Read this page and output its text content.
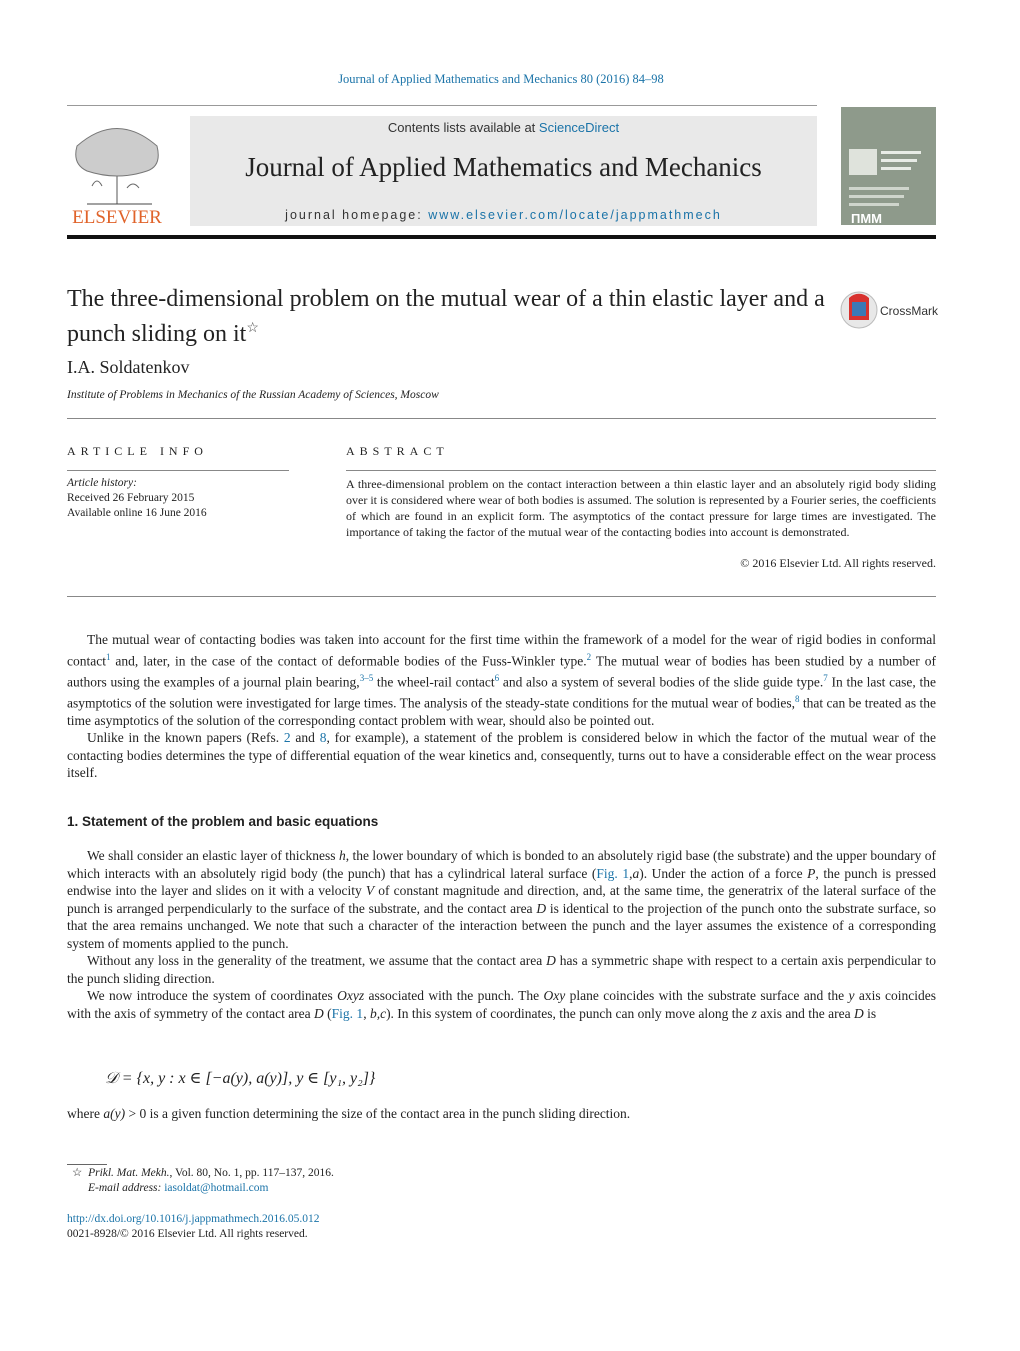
Journal of Applied Mathematics and Mechanics 80 (2016) 84–98
ELSEVIER
Contents lists available at ScienceDirect
Journal of Applied Mathematics and Mechanics
journal homepage: www.elsevier.com/locate/jappmathmech	ПММ
The three-dimensional problem on the mutual wear of a thin elastic layer and a punch sliding on it☆
CrossMark
I.A. Soldatenkov
Institute of Problems in Mechanics of the Russian Academy of Sciences, Moscow
ARTICLE INFO
Article history:
Received 26 February 2015
Available online 16 June 2016
ABSTRACT
A three-dimensional problem on the contact interaction between a thin elastic layer and an absolutely rigid body sliding over it is considered where wear of both bodies is assumed. The solution is represented by a Fourier series, the coefficients of which are found in an explicit form. The asymptotics of the contact pressure for large times are investigated. The importance of taking the factor of the mutual wear of the contacting bodies into account is demonstrated.
© 2016 Elsevier Ltd. All rights reserved.

The mutual wear of contacting bodies was taken into account for the first time within the framework of a model for the wear of rigid bodies in conformal contact$^1$ and, later, in the case of the contact of deformable bodies of the Fuss-Winkler type.$^2$ The mutual wear of bodies has been studied by a number of authors using the examples of a journal plain bearing,$^{3-5}$ the wheel-rail contact$^6$ and also a system of several bodies of the slide guide type.$^7$ In the last case, the asymptotics of the solution were investigated for large times. The analysis of the steady-state conditions for the mutual wear of bodies,$^8$ that can be treated as the time asymptotics of the solution of the corresponding contact problem with wear, should also be pointed out.

Unlike in the known papers (Refs. 2 and 8, for example), a statement of the problem is considered below in which the factor of the mutual wear of the contacting bodies determines the type of differential equation of the wear kinetics and, consequently, turns out to have a considerable effect on the wear process itself.

1. Statement of the problem and basic equations

We shall consider an elastic layer of thickness h, the lower boundary of which is bonded to an absolutely rigid base (the substrate) and the upper boundary of which interacts with an absolutely rigid body (the punch) that has a cylindrical lateral surface (Fig. 1,a). Under the action of a force P, the punch is pressed endwise into the layer and slides on it with a velocity V of constant magnitude and direction, and, at the same time, the generatrix of the lateral surface of the punch is arranged perpendicularly to the surface of the substrate, and the contact area D is identical to the projection of the punch onto the substrate surface, so that the area remains unchanged. We note that such a character of the interaction between the punch and the layer assumes the existence of a corresponding system of moments applied to the punch.

Without any loss in the generality of the treatment, we assume that the contact area D has a symmetric shape with respect to a certain axis perpendicular to the punch sliding direction.

We now introduce the system of coordinates Oxyz associated with the punch. The Oxy plane coincides with the substrate surface and the y axis coincides with the axis of symmetry of the contact area D (Fig. 1, b,c). In this system of coordinates, the punch can only move along the z axis and the area D is

𝒟 = {x, y : x ∈ [−a(y), a(y)], y ∈ [y₁, y₂]}
where a(y) > 0 is a given function determining the size of the contact area in the punch sliding direction.
☆ Prikl. Mat. Mekh., Vol. 80, No. 1, pp. 117–137, 2016.
E-mail address: iasoldat@hotmail.com
http://dx.doi.org/10.1016/j.jappmathmech.2016.05.012
0021-8928/© 2016 Elsevier Ltd. All rights reserved.
